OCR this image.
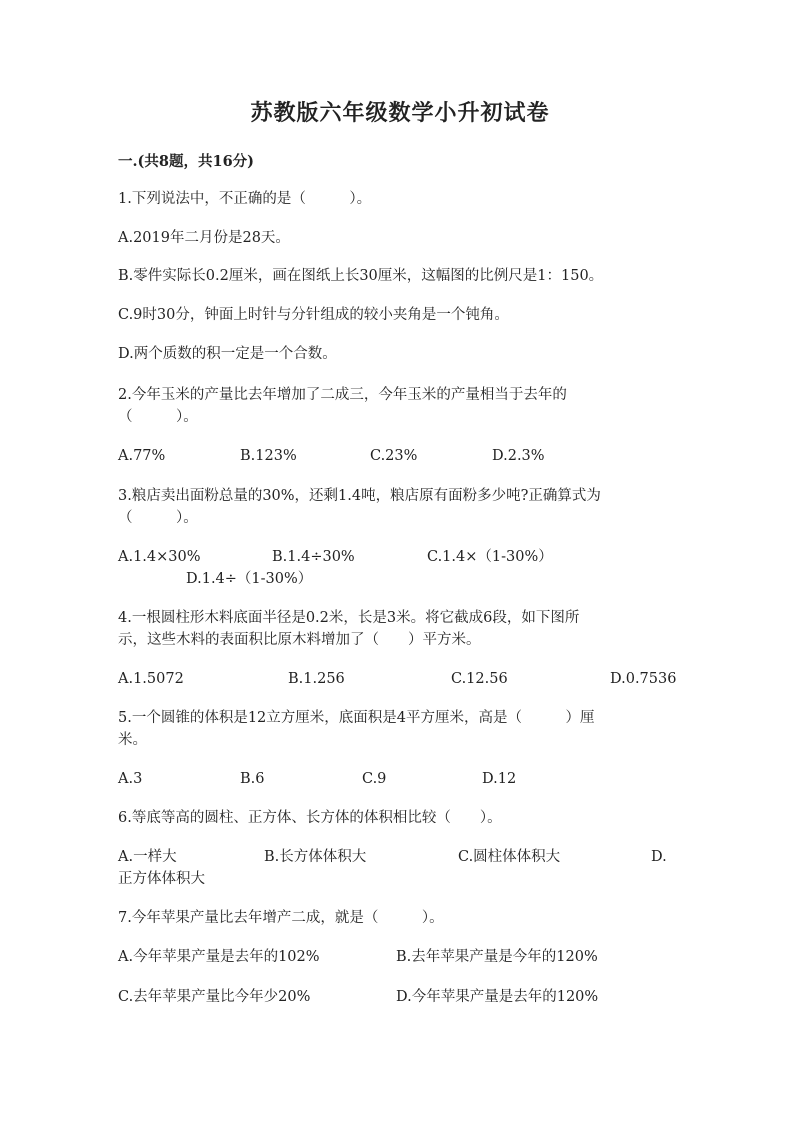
苏教版六年级数学小升初试卷
一.(共8题，共16分)
1.下列说法中，不正确的是（　　　）。
A.2019年二月份是28天。
B.零件实际长0.2厘米，画在图纸上长30厘米，这幅图的比例尺是1：150。
C.9时30分，钟面上时针与分针组成的较小夹角是一个钝角。
D.两个质数的积一定是一个合数。
2.今年玉米的产量比去年增加了二成三，今年玉米的产量相当于去年的
（　　　）。
A.77%	B.123%	C.23%	D.2.3%
3.粮店卖出面粉总量的30%，还剩1.4吨，粮店原有面粉多少吨?正确算式为
（　　　）。
A.1.4×30%	B.1.4÷30%	C.1.4×（1-30%）
D.1.4÷（1-30%）
4.一根圆柱形木料底面半径是0.2米，长是3米。将它截成6段，如下图所
示，这些木料的表面积比原木料增加了（　　）平方米。
A.1.5072	B.1.256	C.12.56	D.0.7536
5.一个圆锥的体积是12立方厘米，底面积是4平方厘米，高是（　　　）厘
米。
A.3	B.6	C.9	D.12
6.等底等高的圆柱、正方体、长方体的体积相比较（　　）。
A.一样大	B.长方体体积大	C.圆柱体体积大	D.
正方体体积大
7.今年苹果产量比去年增产二成，就是（　　　）。
A.今年苹果产量是去年的102%	B.去年苹果产量是今年的120%
C.去年苹果产量比今年少20%	D.今年苹果产量是去年的120%
